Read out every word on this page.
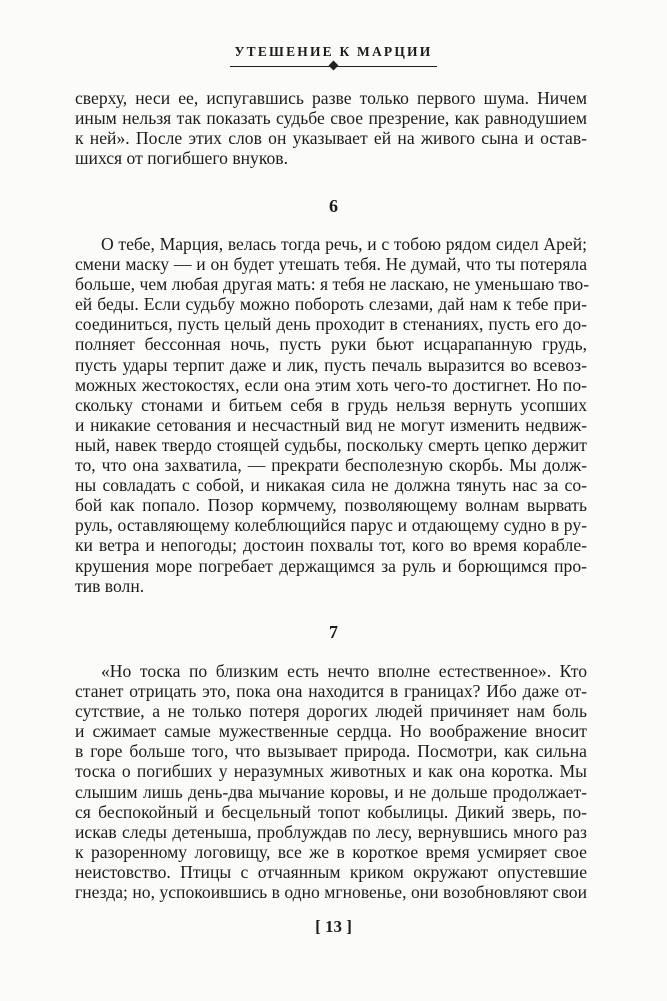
УТЕШЕНИЕ К МАРЦИИ
сверху, неси ее, испугавшись разве только первого шума. Ничем
иным нельзя так показать судьбе свое презрение, как равнодушием
к ней». После этих слов он указывает ей на живого сына и остав-
шихся от погибшего внуков.
6
О тебе, Марция, велась тогда речь, и с тобою рядом сидел Арей;
смени маску — и он будет утешать тебя. Не думай, что ты потеряла
больше, чем любая другая мать: я тебя не ласкаю, не уменьшаю тво-
ей беды. Если судьбу можно побороть слезами, дай нам к тебе при-
соединиться, пусть целый день проходит в стенаниях, пусть его до-
полняет бессонная ночь, пусть руки бьют исцарапанную грудь,
пусть удары терпит даже и лик, пусть печаль выразится во всевоз-
можных жестокостях, если она этим хоть чего-то достигнет. Но по-
скольку стонами и битьем себя в грудь нельзя вернуть усопших
и никакие сетования и несчастный вид не могут изменить недвиж-
ный, навек твердо стоящей судьбы, поскольку смерть цепко держит
то, что она захватила, — прекрати бесполезную скорбь. Мы долж-
ны совладать с собой, и никакая сила не должна тянуть нас за со-
бой как попало. Позор кормчему, позволяющему волнам вырвать
руль, оставляющему колеблющийся парус и отдающему судно в ру-
ки ветра и непогоды; достоин похвалы тот, кого во время корабле-
крушения море погребает держащимся за руль и борющимся про-
тив волн.
7
«Но тоска по близким есть нечто вполне естественное». Кто
станет отрицать это, пока она находится в границах? Ибо даже от-
сутствие, а не только потеря дорогих людей причиняет нам боль
и сжимает самые мужественные сердца. Но воображение вносит
в горе больше того, что вызывает природа. Посмотри, как сильна
тоска о погибших у неразумных животных и как она коротка. Мы
слышим лишь день-два мычание коровы, и не дольше продолжает-
ся беспокойный и бесцельный топот кобылицы. Дикий зверь, по-
искав следы детеныша, проблуждав по лесу, вернувшись много раз
к разоренному логовищу, все же в короткое время усмиряет свое
неистовство. Птицы с отчаянным криком окружают опустевшие
гнезда; но, успокоившись в одно мгновенье, они возобновляют свои
[ 13 ]
